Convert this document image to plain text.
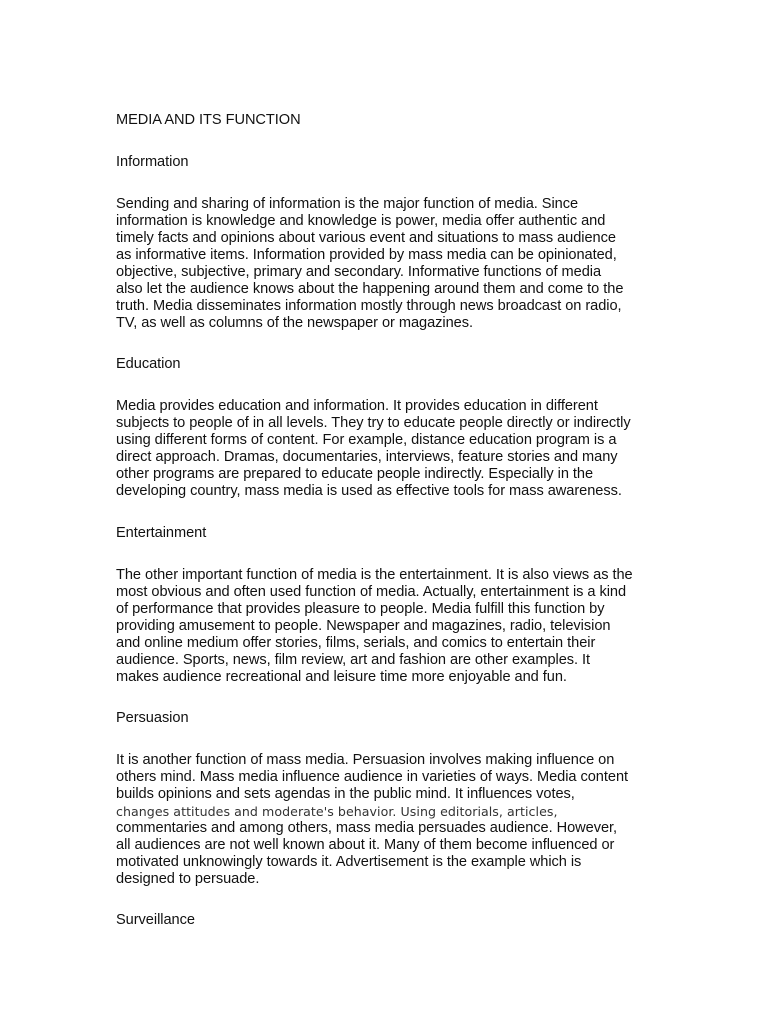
MEDIA AND ITS FUNCTION
Information
Sending and sharing of information is the major function of media. Since
information is knowledge and knowledge is power, media offer authentic and
timely facts and opinions about various event and situations to mass audience
as informative items. Information provided by mass media can be opinionated,
objective, subjective, primary and secondary. Informative functions of media
also let the audience knows about the happening around them and come to the
truth. Media disseminates information mostly through news broadcast on radio,
TV, as well as columns of the newspaper or magazines.
Education
Media provides education and information. It provides education in different
subjects to people of in all levels. They try to educate people directly or indirectly
using different forms of content. For example, distance education program is a
direct approach. Dramas, documentaries, interviews, feature stories and many
other programs are prepared to educate people indirectly. Especially in the
developing country, mass media is used as effective tools for mass awareness.
Entertainment
The other important function of media is the entertainment. It is also views as the
most obvious and often used function of media. Actually, entertainment is a kind
of performance that provides pleasure to people. Media fulfill this function by
providing amusement to people. Newspaper and magazines, radio, television
and online medium offer stories, films, serials, and comics to entertain their
audience. Sports, news, film review, art and fashion are other examples. It
makes audience recreational and leisure time more enjoyable and fun.
Persuasion
It is another function of mass media. Persuasion involves making influence on
others mind. Mass media influence audience in varieties of ways. Media content
builds opinions and sets agendas in the public mind. It influences votes,
changes attitudes and moderate's behavior. Using editorials, articles,
commentaries and among others, mass media persuades audience. However,
all audiences are not well known about it. Many of them become influenced or
motivated unknowingly towards it. Advertisement is the example which is
designed to persuade.
Surveillance
